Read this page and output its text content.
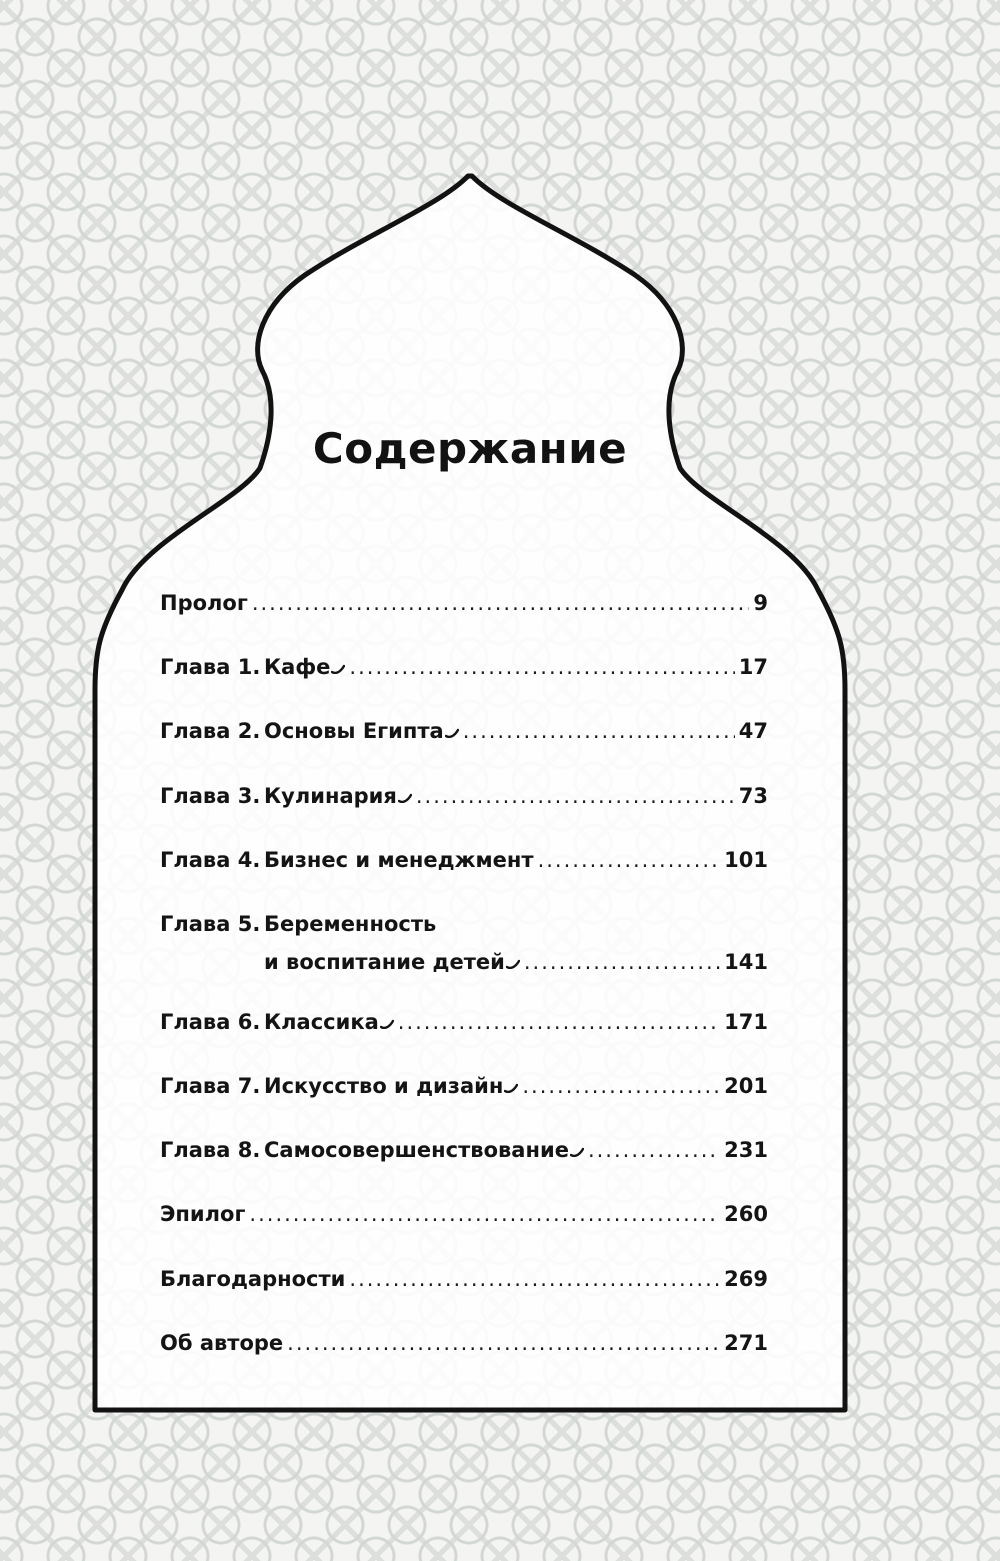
Содержание
Пролог .....	9
Глава 1. Кафе .....	17
Глава 2. Основы Египта .....	47
Глава 3. Кулинария .....	73
Глава 4. Бизнес и менеджмент .....	101
Глава 5. Беременность
и воспитание детей .....	141
Глава 6. Классика .....	171
Глава 7. Искусство и дизайн .....	201
Глава 8. Самосовершенствование .....	231
Эпилог .....	260
Благодарности .....	269
Об авторе .....	271
